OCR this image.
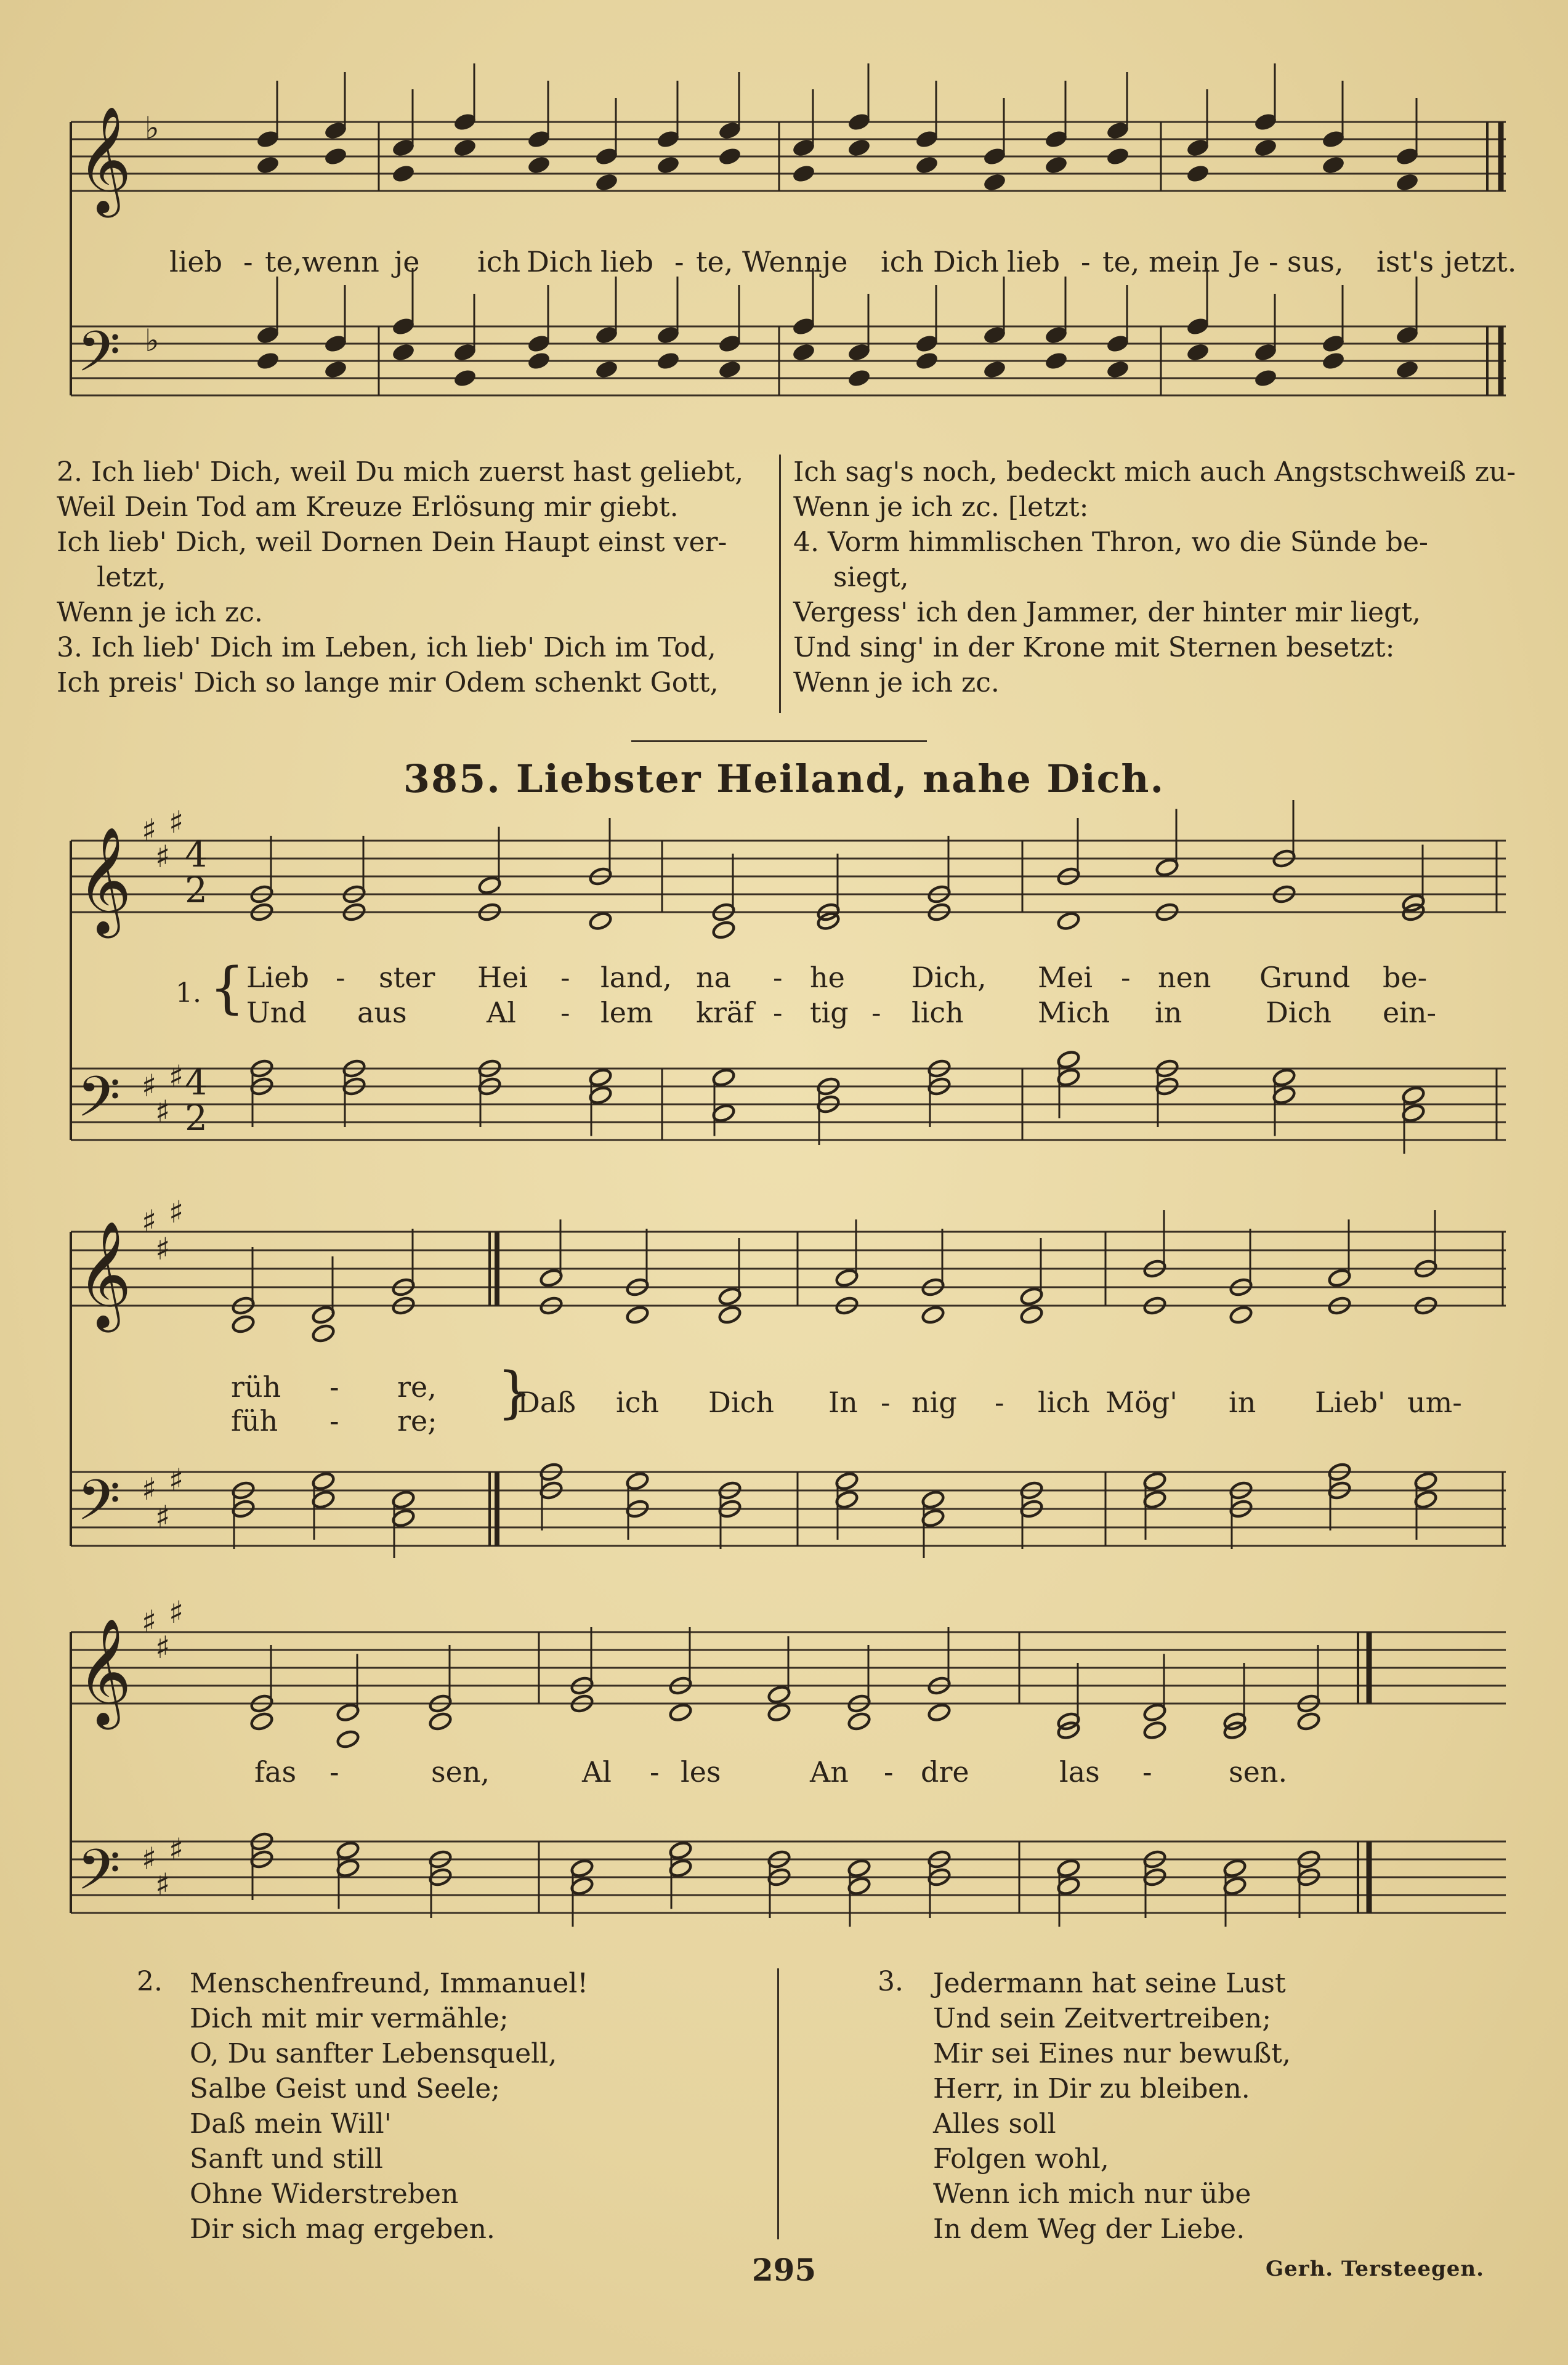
𝄞
𝄢
♭
♭
lieb - te, wenn je ich Dich lieb - te, Wenn je ich Dich lieb - te, mein Je - sus, ist's jetzt.
2. Ich lieb' Dich, weil Du mich zuerst hast geliebt,
Weil Dein Tod am Kreuze Erlösung mir giebt.
Ich lieb' Dich, weil Dornen Dein Haupt einst ver-
letzt,
Wenn je ich zc.
3. Ich lieb' Dich im Leben, ich lieb' Dich im Tod,
Ich preis' Dich so lange mir Odem schenkt Gott,
Ich sag's noch, bedeckt mich auch Angstschweiß zu-
Wenn je ich zc. [letzt:
4. Vorm himmlischen Thron, wo die Sünde be-
siegt,
Vergess' ich den Jammer, der hinter mir liegt,
Und sing' in der Krone mit Sternen besetzt:
Wenn je ich zc.
385. Liebster Heiland, nahe Dich.
𝄞
𝄢
♯
♯
♯
♯
♯
♯
4
2
4
2
1. { Lieb - ster Hei - land, na - he Dich, Mei - nen Grund be-
Und aus	Al - lem kräf - tig - lich	Mich in	Dich ein-
𝄞
𝄢
♯
♯
♯
♯
♯
♯
rüh - re,
füh - re; }
Daß ich Dich In - nig - lich Mög' in Lieb' um-
𝄞
𝄢
♯
♯
♯
♯
♯
♯
fas -	sen,	Al - les	An - dre	las -	sen.
2. Menschenfreund, Immanuel!
Dich mit mir vermähle;
O, Du sanfter Lebensquell,
Salbe Geist und Seele;
Daß mein Will'
Sanft und still
Ohne Widerstreben
Dir sich mag ergeben.
3. Jedermann hat seine Lust
Und sein Zeitvertreiben;
Mir sei Eines nur bewußt,
Herr, in Dir zu bleiben.
Alles soll
Folgen wohl,
Wenn ich mich nur übe
In dem Weg der Liebe.
295	Gerh. Tersteegen.
